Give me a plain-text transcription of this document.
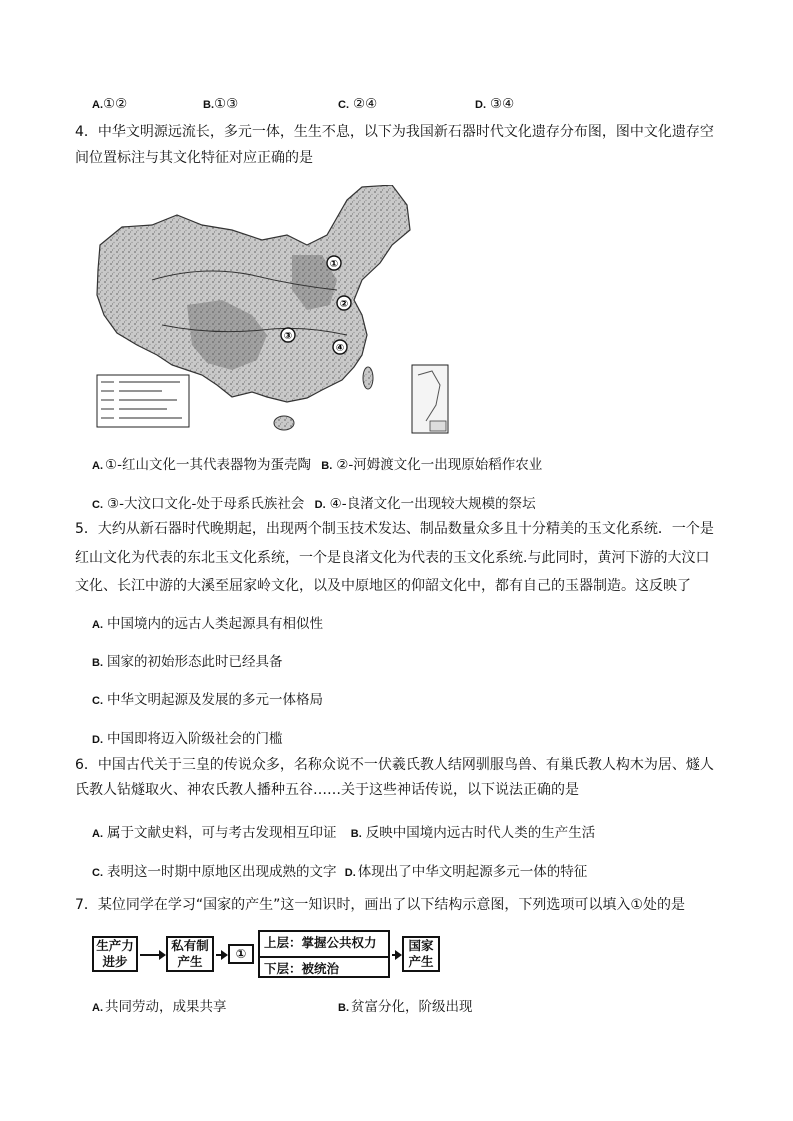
A.①②	B.①③	C. ②④	D. ③④
4．中华文明源远流长，多元一体，生生不息，以下为我国新石器时代文化遗存分布图，图中文化遗存空
间位置标注与其文化特征对应正确的是
①
②
③
④
A. ①-红山文化一其代表器物为蛋壳陶 B. ②-河姆渡文化一出现原始稻作农业
C. ③-大汶口文化-处于母系氏族社会 D. ④-良渚文化一出现较大规模的祭坛
5．大约从新石器时代晚期起，出现两个制玉技术发达、制品数量众多且十分精美的玉文化系统．一个是
红山文化为代表的东北玉文化系统，一个是良渚文化为代表的玉文化系统.与此同时，黄河下游的大汶口
文化、长江中游的大溪至屈家岭文化，以及中原地区的仰韶文化中，都有自己的玉器制造。这反映了
A. 中国境内的远古人类起源具有相似性
B. 国家的初始形态此时已经具备
C. 中华文明起源及发展的多元一体格局
D. 中国即将迈入阶级社会的门槛
6．中国古代关于三皇的传说众多，名称众说不一伏羲氏教人结网驯服鸟兽、有巢氏教人构木为居、燧人
氏教人钻燧取火、神农氏教人播种五谷……关于这些神话传说，以下说法正确的是
A. 属于文献史料，可与考古发现相互印证 B. 反映中国境内远古时代人类的生产生活
C. 表明这一时期中原地区出现成熟的文字 D. 体现出了中华文明起源多元一体的特征
7．某位同学在学习“国家的产生”这一知识时，画出了以下结构示意图，下列选项可以填入①处的是
生产力
进步
私有制
产生
①
上层：掌握公共权力
下层：被统治
国家
产生
A. 共同劳动，成果共享	B. 贫富分化，阶级出现
